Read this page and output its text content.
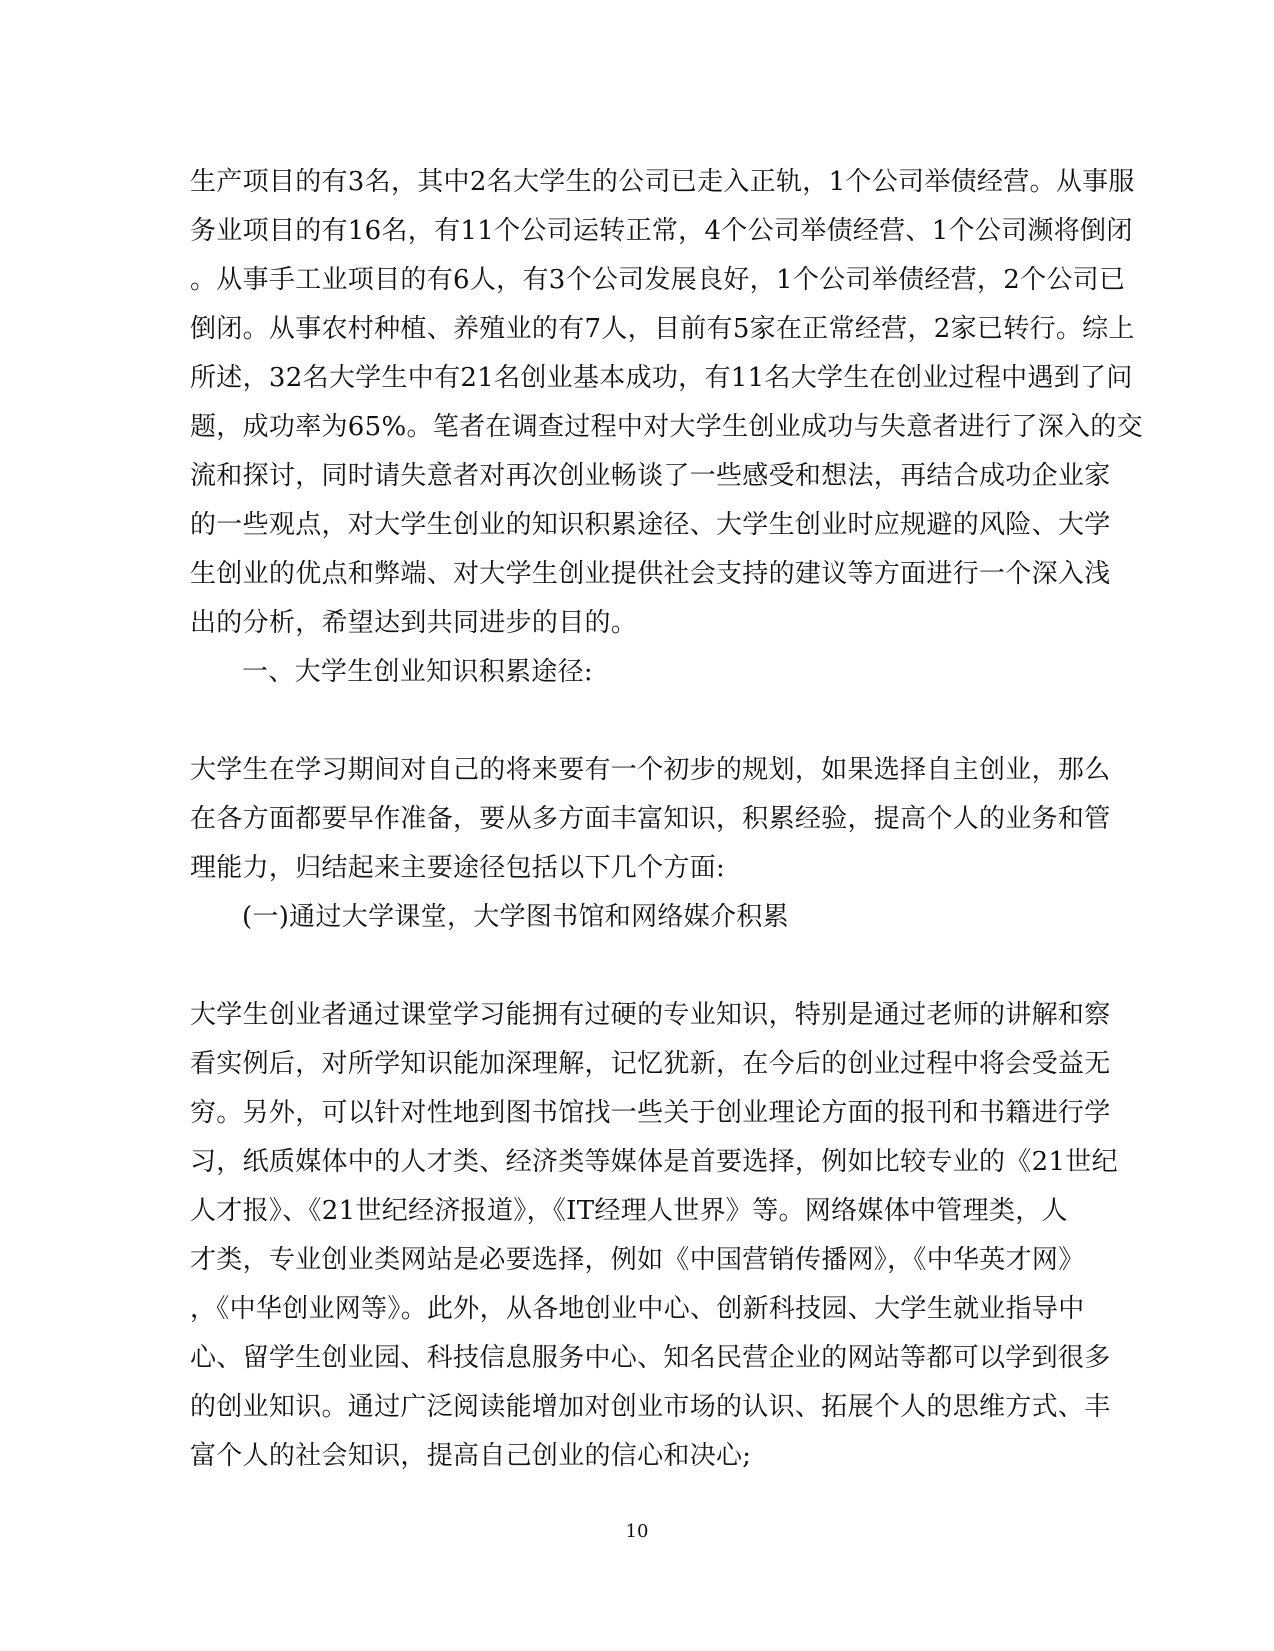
生产项目的有3名，其中2名大学生的公司已走入正轨，1个公司举债经营。从事服
务业项目的有16名，有11个公司运转正常，4个公司举债经营、1个公司濒将倒闭
。从事手工业项目的有6人，有3个公司发展良好，1个公司举债经营，2个公司已
倒闭。从事农村种植、养殖业的有7人，目前有5家在正常经营，2家已转行。综上
所述，32名大学生中有21名创业基本成功，有11名大学生在创业过程中遇到了问
题，成功率为65%。笔者在调查过程中对大学生创业成功与失意者进行了深入的交
流和探讨，同时请失意者对再次创业畅谈了一些感受和想法，再结合成功企业家
的一些观点，对大学生创业的知识积累途径、大学生创业时应规避的风险、大学
生创业的优点和弊端、对大学生创业提供社会支持的建议等方面进行一个深入浅
出的分析，希望达到共同进步的目的。
一、大学生创业知识积累途径:
大学生在学习期间对自己的将来要有一个初步的规划，如果选择自主创业，那么
在各方面都要早作准备，要从多方面丰富知识，积累经验，提高个人的业务和管
理能力，归结起来主要途径包括以下几个方面:
(一)通过大学课堂，大学图书馆和网络媒介积累
大学生创业者通过课堂学习能拥有过硬的专业知识，特别是通过老师的讲解和察
看实例后，对所学知识能加深理解，记忆犹新，在今后的创业过程中将会受益无
穷。另外，可以针对性地到图书馆找一些关于创业理论方面的报刊和书籍进行学
习，纸质媒体中的人才类、经济类等媒体是首要选择，例如比较专业的《21世纪
人才报》、《21世纪经济报道》，《IT经理人世界》等。网络媒体中管理类，人
才类，专业创业类网站是必要选择，例如《中国营销传播网》，《中华英才网》
，《中华创业网等》。此外，从各地创业中心、创新科技园、大学生就业指导中
心、留学生创业园、科技信息服务中心、知名民营企业的网站等都可以学到很多
的创业知识。通过广泛阅读能增加对创业市场的认识、拓展个人的思维方式、丰
富个人的社会知识，提高自己创业的信心和决心;
10
